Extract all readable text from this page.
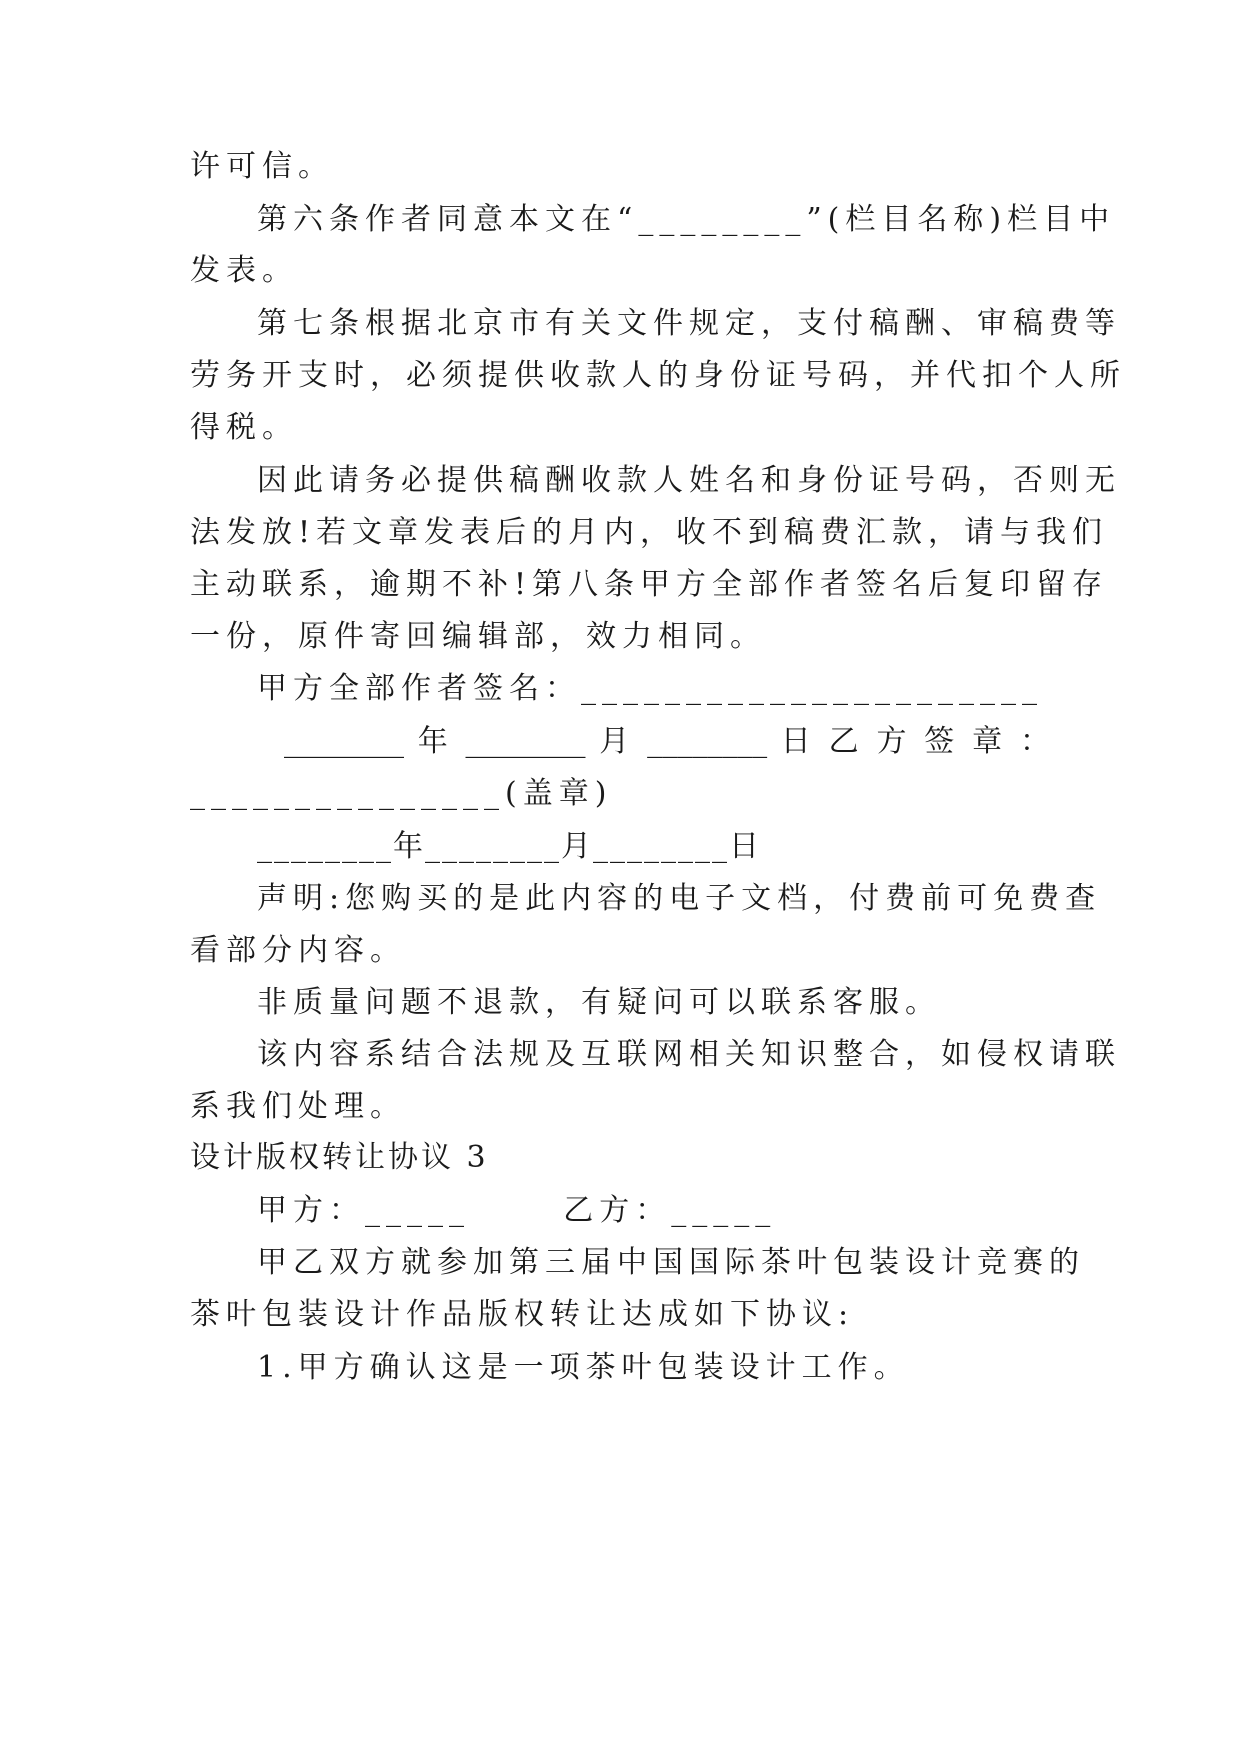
许可信。
第六条作者同意本文在“________”(栏目名称)栏目中
发表。
第七条根据北京市有关文件规定，支付稿酬、审稿费等
劳务开支时，必须提供收款人的身份证号码，并代扣个人所
得税。
因此请务必提供稿酬收款人姓名和身份证号码，否则无
法发放!若文章发表后的月内，收不到稿费汇款，请与我们
主动联系，逾期不补!第八条甲方全部作者签名后复印留存
一份，原件寄回编辑部，效力相同。
甲方全部作者签名：______________________
________ 年 ________ 月 ________ 日 乙 方 签 章 ：
_______________(盖章)
________年________月________日
声明:您购买的是此内容的电子文档，付费前可免费查
看部分内容。
非质量问题不退款，有疑问可以联系客服。
该内容系结合法规及互联网相关知识整合，如侵权请联
系我们处理。
设计版权转让协议 3
甲方：_____      乙方：_____
甲乙双方就参加第三届中国国际茶叶包装设计竞赛的
茶叶包装设计作品版权转让达成如下协议:
1.甲方确认这是一项茶叶包装设计工作。
